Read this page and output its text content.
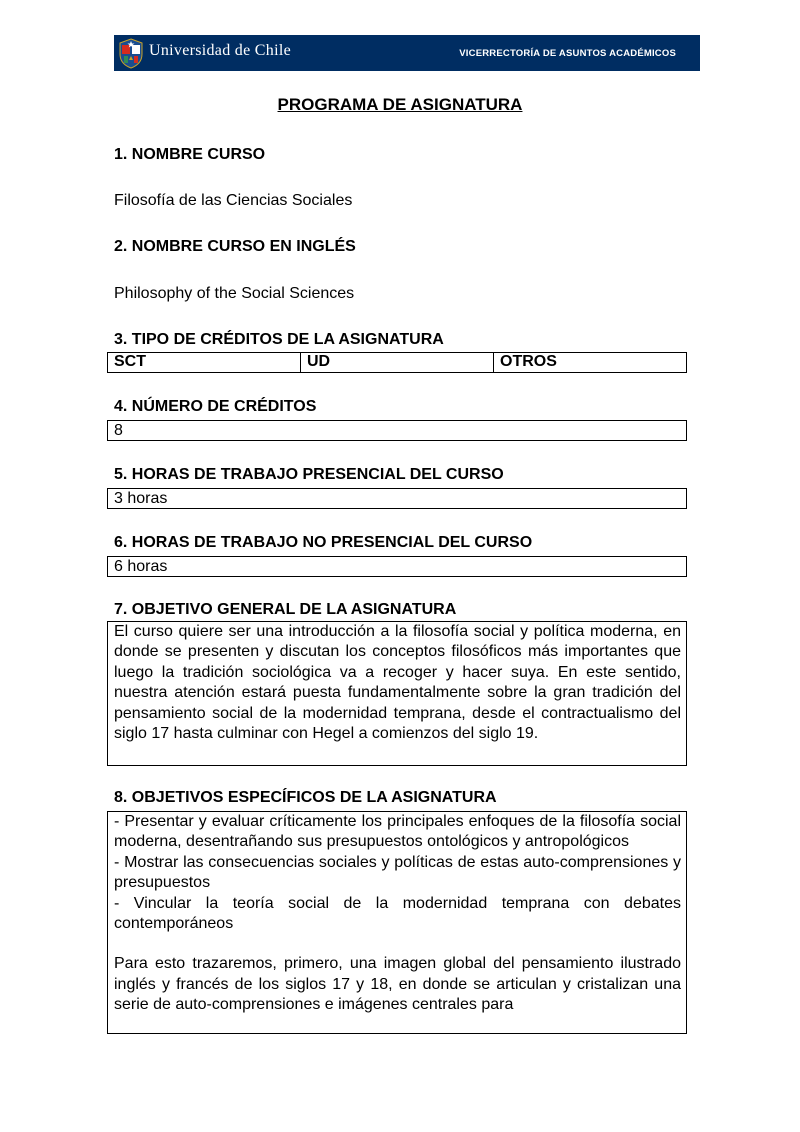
Universidad de Chile	VICERRECTORÍA DE ASUNTOS ACADÉMICOS
PROGRAMA DE ASIGNATURA
1. NOMBRE CURSO
Filosofía de las Ciencias Sociales
2. NOMBRE CURSO EN INGLÉS
Philosophy of the Social Sciences
3. TIPO DE CRÉDITOS DE LA ASIGNATURA
SCT	UD	OTROS
4. NÚMERO DE CRÉDITOS
8
5. HORAS DE TRABAJO PRESENCIAL DEL CURSO
3 horas
6. HORAS DE TRABAJO NO PRESENCIAL DEL CURSO
6 horas
7. OBJETIVO GENERAL DE LA ASIGNATURA

El curso quiere ser una introducción a la filosofía social y política moderna, en donde se presenten y discutan los conceptos filosóficos más importantes que luego la tradición sociológica va a recoger y hacer suya. En este sentido, nuestra atención estará puesta fundamentalmente sobre la gran tradición del pensamiento social de la modernidad temprana, desde el contractualismo del siglo 17 hasta culminar con Hegel a comienzos del siglo 19.

8. OBJETIVOS ESPECÍFICOS DE LA ASIGNATURA

- Presentar y evaluar críticamente los principales enfoques de la filosofía social moderna, desentrañando sus presupuestos ontológicos y antropológicos

- Mostrar las consecuencias sociales y políticas de estas auto-comprensiones y presupuestos

- Vincular la teoría social de la modernidad temprana con debates contemporáneos

Para esto trazaremos, primero, una imagen global del pensamiento ilustrado inglés y francés de los siglos 17 y 18, en donde se articulan y cristalizan una serie de auto-comprensiones e imágenes centrales para
